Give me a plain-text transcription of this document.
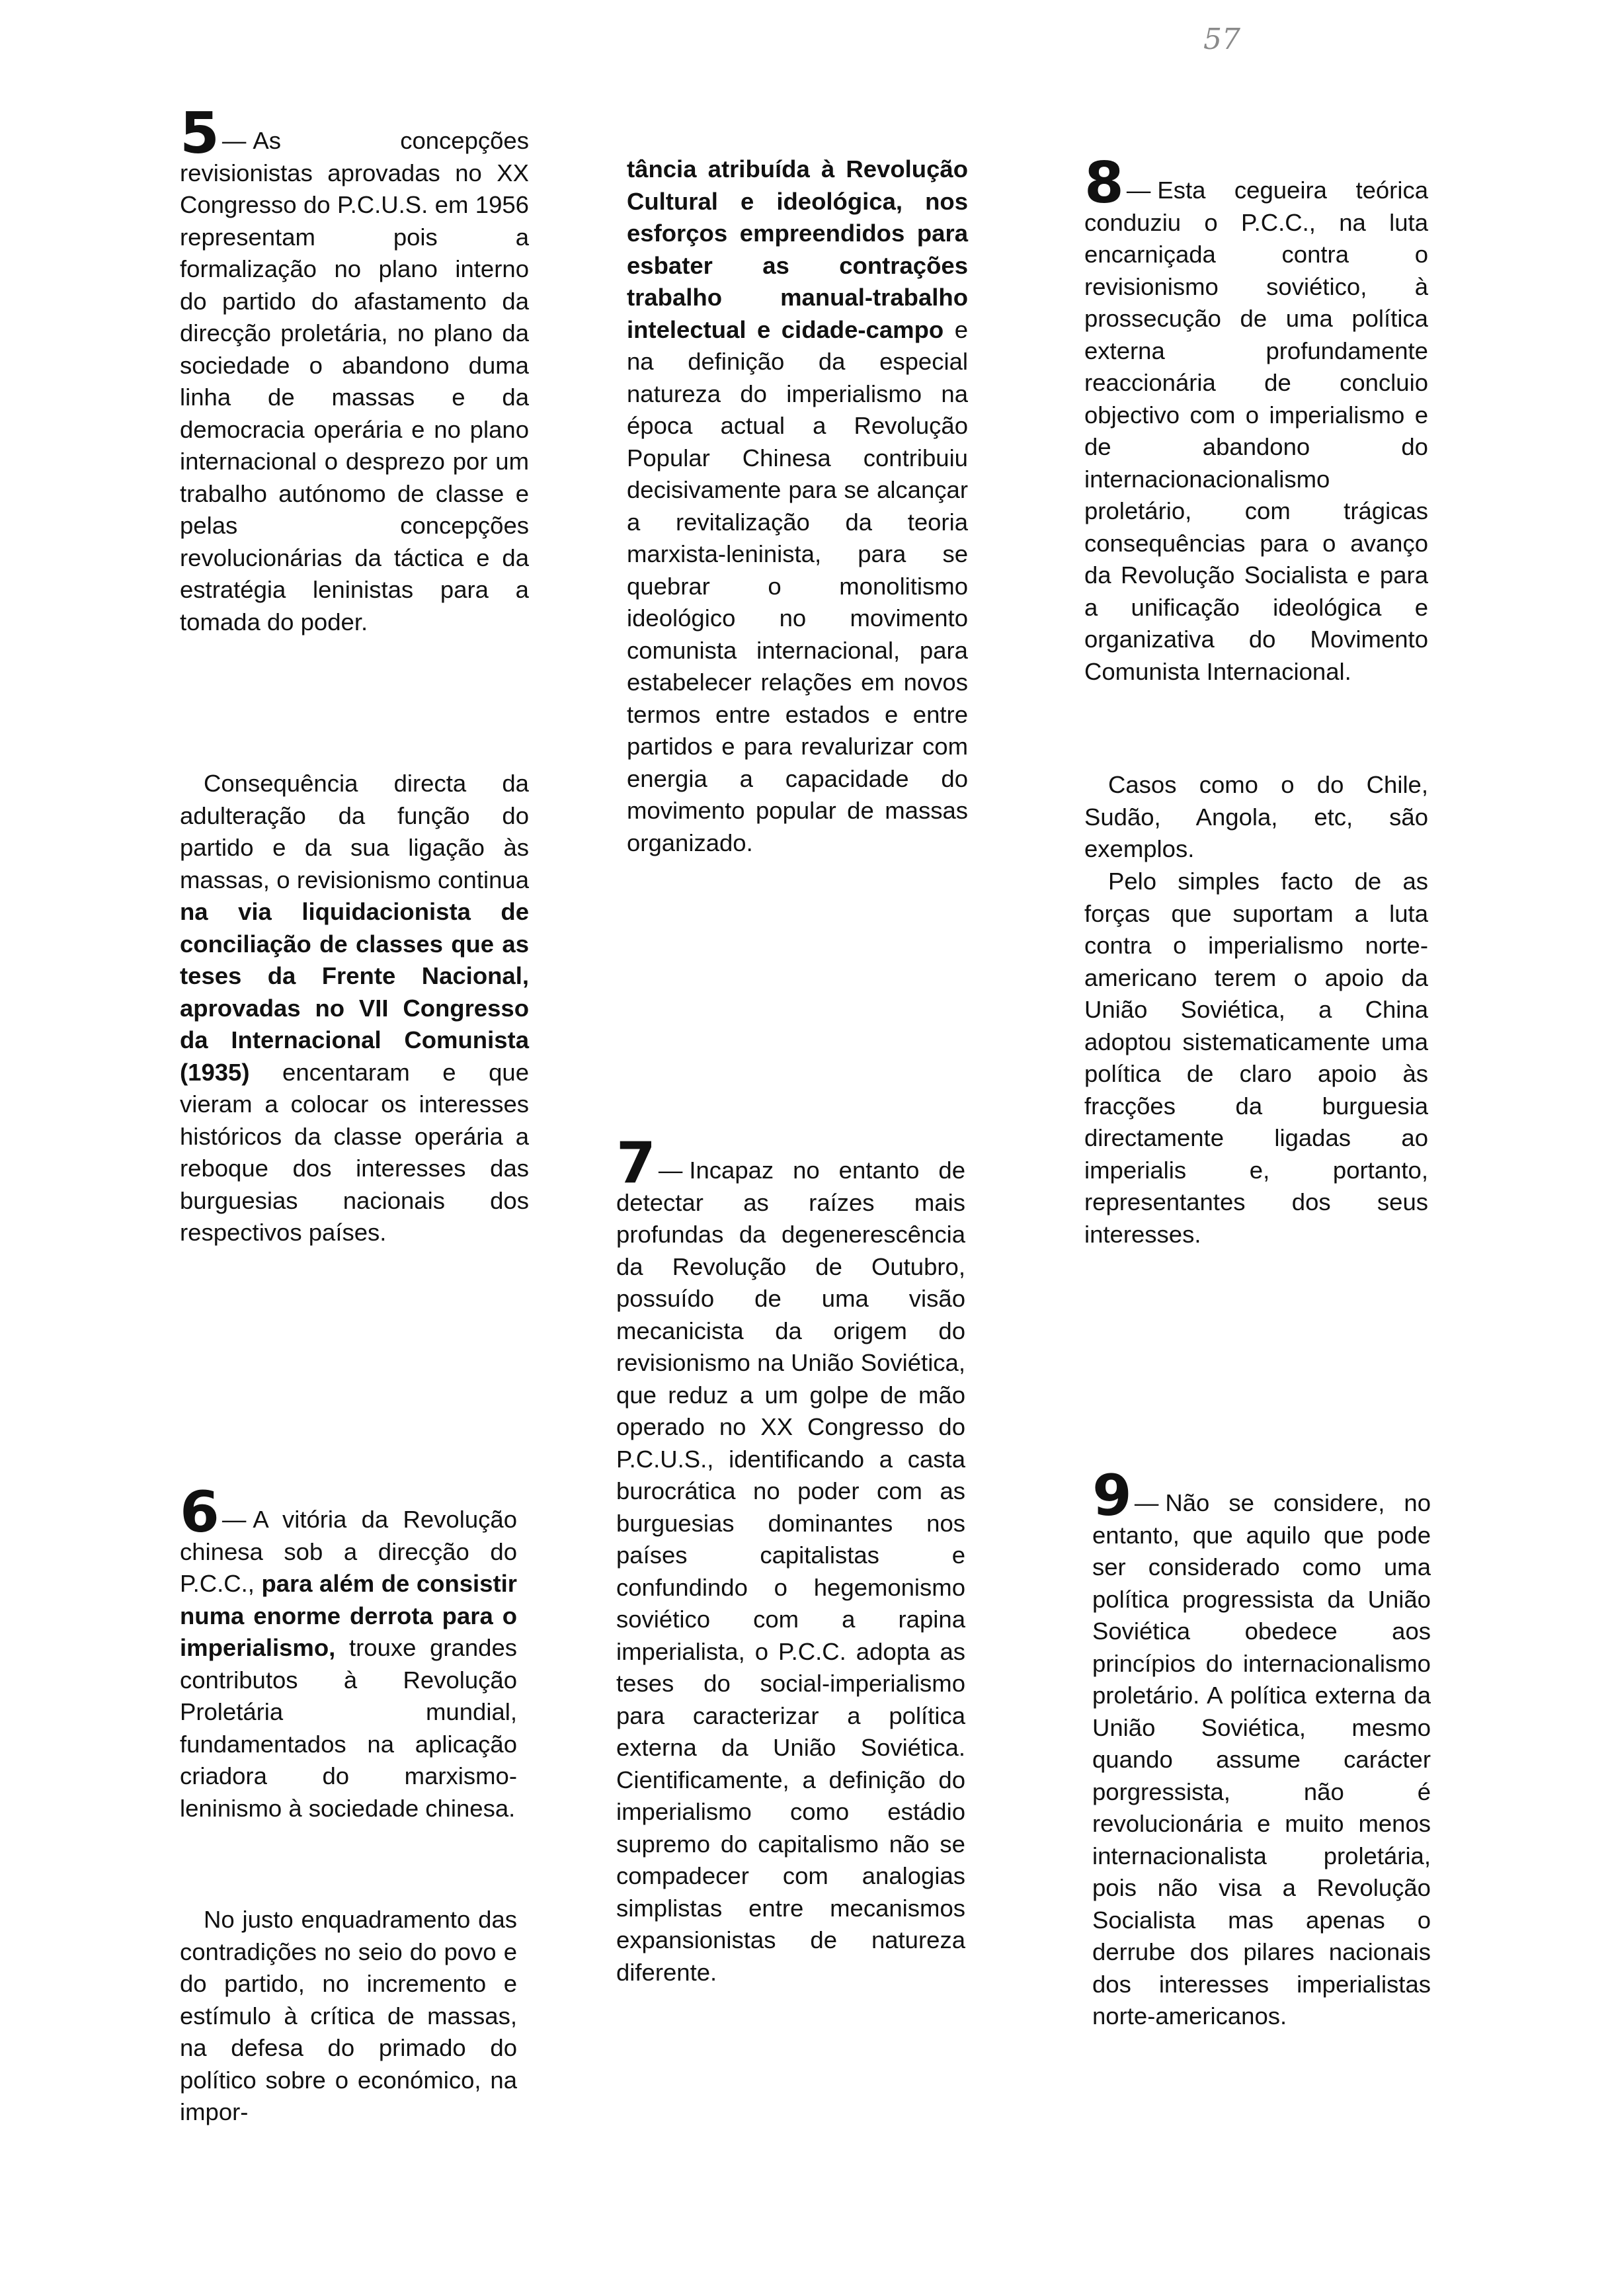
57

5 — As concepções revisionistas aprovadas no XX Congresso do P.C.U.S. em 1956 representam pois a formalização no plano interno do partido do afastamento da direcção proletária, no plano da sociedade o abandono duma linha de massas e da democracia operária e no plano internacional o desprezo por um trabalho autónomo de classe e pelas concepções revolucionárias da táctica e da estratégia leninistas para a tomada do poder.

Consequência directa da adulteração da função do partido e da sua ligação às massas, o revisionismo continua na via liquidacionista de conciliação de classes que as teses da Frente Nacional, aprovadas no VII Congresso da Internacional Comunista (1935) encentaram e que vieram a colocar os interesses históricos da classe operária a reboque dos interesses das burguesias nacionais dos respectivos países.

6 — A vitória da Revolução chinesa sob a direcção do P.C.C., para além de consistir numa enorme derrota para o imperialismo, trouxe grandes contributos à Revolução Proletária mundial, fundamentados na aplicação criadora do marxismo-leninismo à sociedade chinesa.

No justo enquadramento das contradições no seio do povo e do partido, no incremento e estímulo à crítica de massas, na defesa do primado do político sobre o económico, na impor-

tância atribuída à Revolução Cultural e ideológica, nos esforços empreendidos para esbater as contrações trabalho manual-trabalho intelectual e cidade-campo e na definição da especial natureza do imperialismo na época actual a Revolução Popular Chinesa contribuiu decisivamente para se alcançar a revitalização da teoria marxista-leninista, para se quebrar o monolitismo ideológico no movimento comunista internacional, para estabelecer relações em novos termos entre estados e entre partidos e para revalurizar com energia a capacidade do movimento popular de massas organizado.

7 — Incapaz no entanto de detectar as raízes mais profundas da degenerescência da Revolução de Outubro, possuído de uma visão mecanicista da origem do revisionismo na União Soviética, que reduz a um golpe de mão operado no XX Congresso do P.C.U.S., identificando a casta burocrática no poder com as burguesias dominantes nos países capitalistas e confundindo o hegemonismo soviético com a rapina imperialista, o P.C.C. adopta as teses do social-imperialismo para caracterizar a política externa da União Soviética. Cientificamente, a definição do imperialismo como estádio supremo do capitalismo não se compadecer com analogias simplistas entre mecanismos expansionistas de natureza diferente.

8 — Esta cegueira teórica conduziu o P.C.C., na luta encarniçada contra o revisionismo soviético, à prossecução de uma política externa profundamente reaccionária de concluio objectivo com o imperialismo e de abandono do internacionacionalismo proletário, com trágicas consequências para o avanço da Revolução Socialista e para a unificação ideológica e organizativa do Movimento Comunista Internacional.

Casos como o do Chile, Sudão, Angola, etc, são exemplos.

Pelo simples facto de as forças que suportam a luta contra o imperialismo norte-americano terem o apoio da União Soviética, a China adoptou sistematicamente uma política de claro apoio às fracções da burguesia directamente ligadas ao imperialis e, portanto, representantes dos seus interesses.

9 — Não se considere, no entanto, que aquilo que pode ser considerado como uma política progressista da União Soviética obedece aos princípios do internacionalismo proletário. A política externa da União Soviética, mesmo quando assume carácter porgressista, não é revolucionária e muito menos internacionalista proletária, pois não visa a Revolução Socialista mas apenas o derrube dos pilares nacionais dos interesses imperialistas norte-americanos.
